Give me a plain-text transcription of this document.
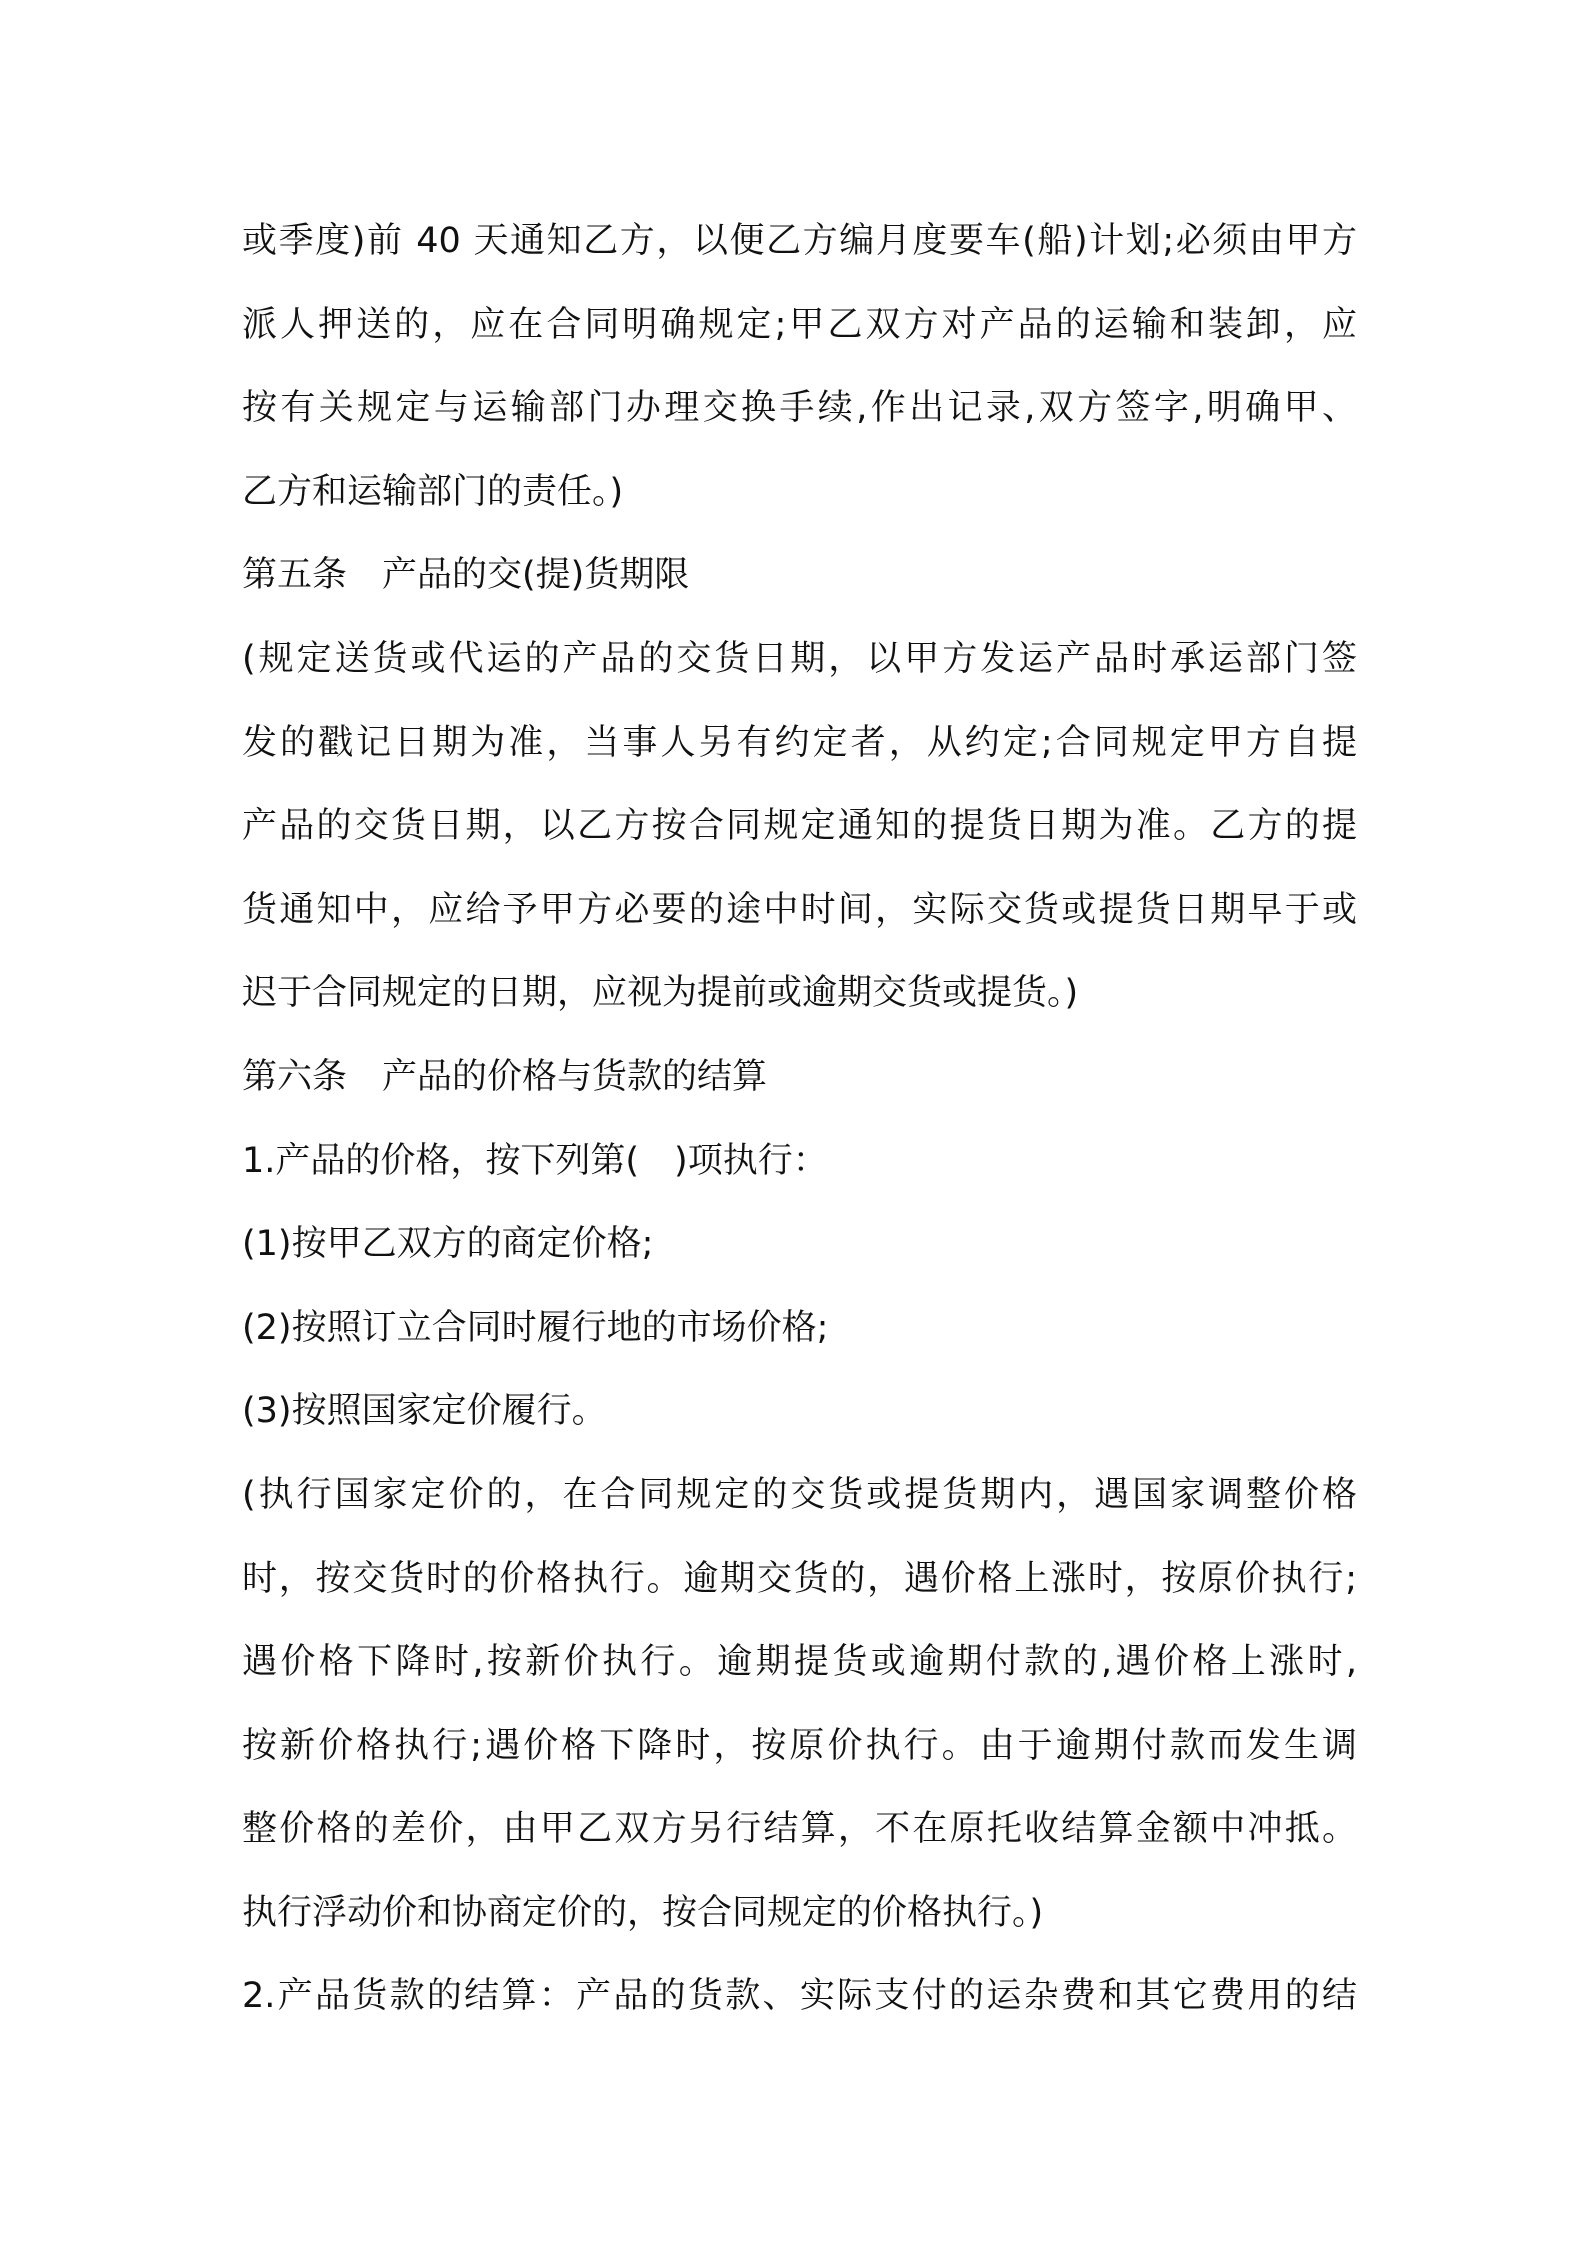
或季度)前 40 天通知乙方，以便乙方编月度要车(船)计划;必须由甲方
派人押送的，应在合同明确规定;甲乙双方对产品的运输和装卸，应
按有关规定与运输部门办理交换手续,作出记录,双方签字,明确甲、
乙方和运输部门的责任。)
第五条　产品的交(提)货期限
(规定送货或代运的产品的交货日期，以甲方发运产品时承运部门签
发的戳记日期为准，当事人另有约定者，从约定;合同规定甲方自提
产品的交货日期，以乙方按合同规定通知的提货日期为准。乙方的提
货通知中，应给予甲方必要的途中时间，实际交货或提货日期早于或
迟于合同规定的日期，应视为提前或逾期交货或提货。)
第六条　产品的价格与货款的结算
1.产品的价格，按下列第(　)项执行：
(1)按甲乙双方的商定价格;
(2)按照订立合同时履行地的市场价格;
(3)按照国家定价履行。
(执行国家定价的，在合同规定的交货或提货期内，遇国家调整价格
时，按交货时的价格执行。逾期交货的，遇价格上涨时，按原价执行;
遇价格下降时,按新价执行。逾期提货或逾期付款的,遇价格上涨时,
按新价格执行;遇价格下降时，按原价执行。由于逾期付款而发生调
整价格的差价，由甲乙双方另行结算，不在原托收结算金额中冲抵。
执行浮动价和协商定价的，按合同规定的价格执行。)
2.产品货款的结算：产品的货款、实际支付的运杂费和其它费用的结
